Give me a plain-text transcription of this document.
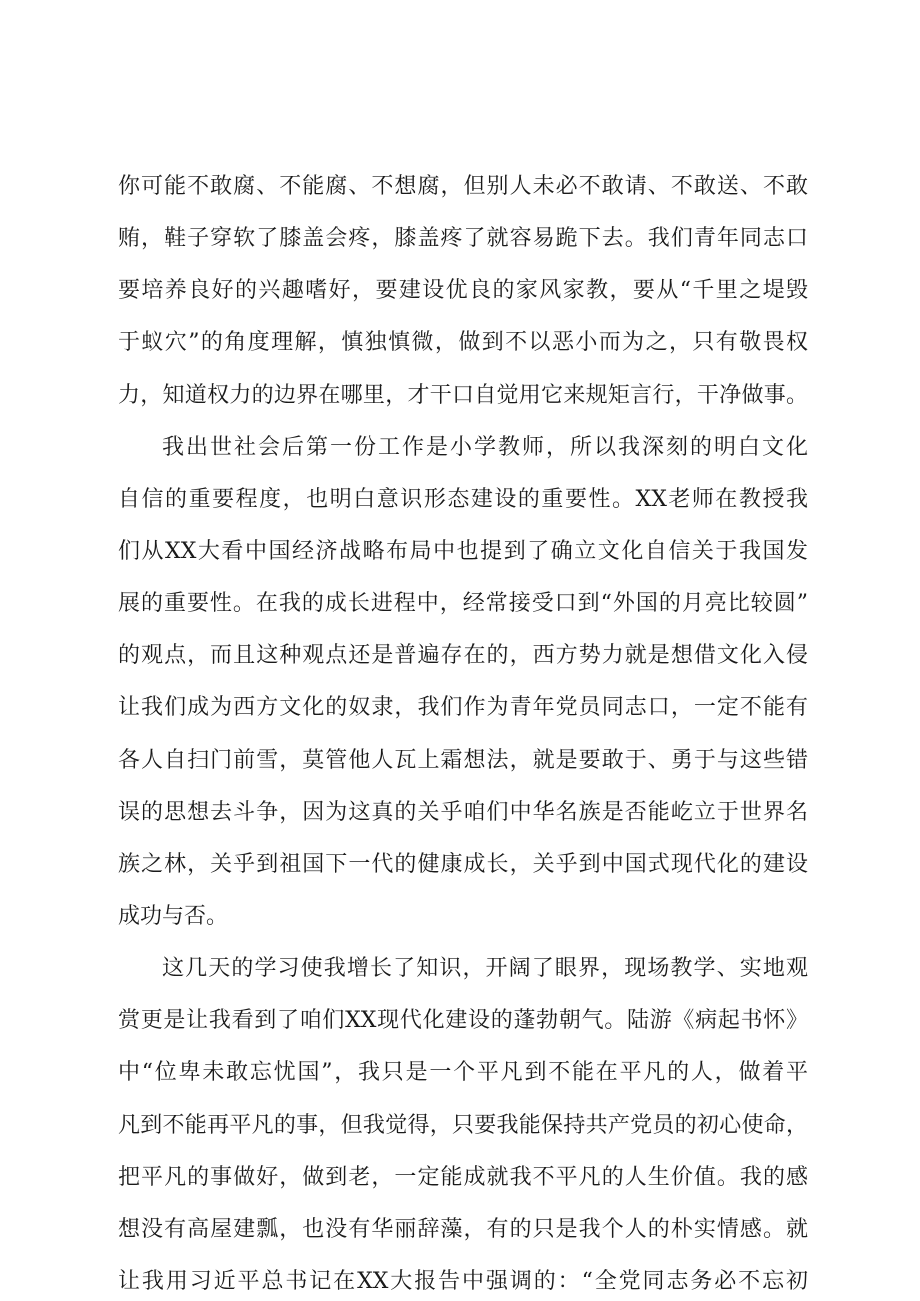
你可能不敢腐、不能腐、不想腐，但别人未必不敢请、不敢送、不敢

贿，鞋子穿软了膝盖会疼，膝盖疼了就容易跪下去。我们青年同志口

要培养良好的兴趣嗜好，要建设优良的家风家教，要从“千里之堤毁

于蚁穴”的角度理解，慎独慎微，做到不以恶小而为之，只有敬畏权

力，知道权力的边界在哪里，才干口自觉用它来规矩言行，干净做事。

我出世社会后第一份工作是小学教师，所以我深刻的明白文化

自信的重要程度，也明白意识形态建设的重要性。XX老师在教授我

们从XX大看中国经济战略布局中也提到了确立文化自信关于我国发

展的重要性。在我的成长进程中，经常接受口到“外国的月亮比较圆”

的观点，而且这种观点还是普遍存在的，西方势力就是想借文化入侵

让我们成为西方文化的奴隶，我们作为青年党员同志口，一定不能有

各人自扫门前雪，莫管他人瓦上霜想法，就是要敢于、勇于与这些错

误的思想去斗争，因为这真的关乎咱们中华名族是否能屹立于世界名

族之林，关乎到祖国下一代的健康成长，关乎到中国式现代化的建设

成功与否。

这几天的学习使我增长了知识，开阔了眼界，现场教学、实地观

赏更是让我看到了咱们XX现代化建设的蓬勃朝气。陆游《病起书怀》

中“位卑未敢忘忧国”，我只是一个平凡到不能在平凡的人，做着平

凡到不能再平凡的事，但我觉得，只要我能保持共产党员的初心使命，

把平凡的事做好，做到老，一定能成就我不平凡的人生价值。我的感

想没有高屋建瓢，也没有华丽辞藻，有的只是我个人的朴实情感。就

让我用习近平总书记在XX大报告中强调的：“全党同志务必不忘初
